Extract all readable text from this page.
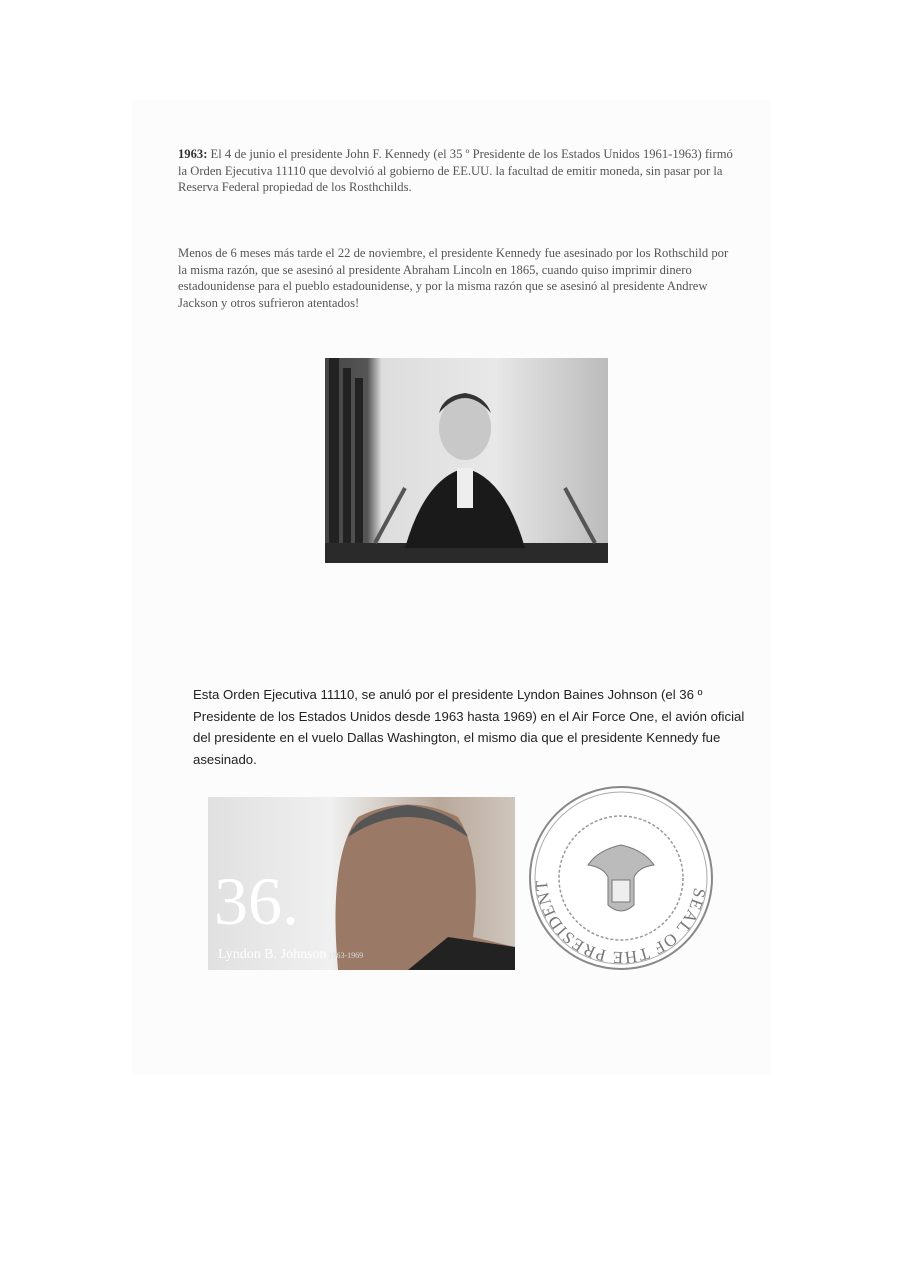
1963: El 4 de junio el presidente John F. Kennedy (el 35 º Presidente de los Estados Unidos 1961-1963) firmó la Orden Ejecutiva 11110 que devolvió al gobierno de EE.UU. la facultad de emitir moneda, sin pasar por la Reserva Federal propiedad de los Rosthchilds.

Menos de 6 meses más tarde el 22 de noviembre, el presidente Kennedy fue asesinado por los Rothschild por la misma razón, que se asesinó al presidente Abraham Lincoln en 1865, cuando quiso imprimir dinero estadounidense para el pueblo estadounidense, y por la misma razón que se asesinó al presidente Andrew Jackson y otros sufrieron atentados!

Esta Orden Ejecutiva 11110, se anuló por el presidente Lyndon Baines Johnson (el 36 º Presidente de los Estados Unidos desde 1963 hasta 1969) en el Air Force One, el avión oficial del presidente en el vuelo Dallas Washington, el mismo dia que el presidente Kennedy fue asesinado.

36.
Lyndon B. Johnson 1963-1969
SEAL OF THE PRESIDENT
